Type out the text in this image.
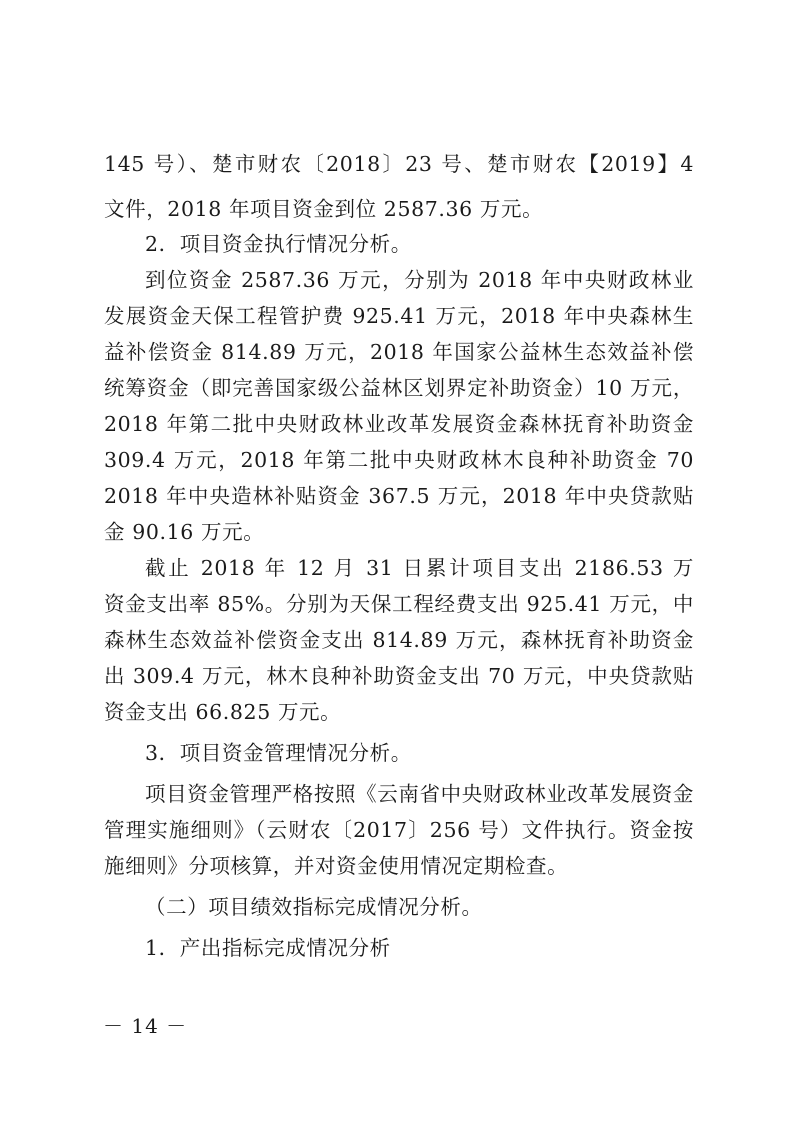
145 号）、楚市财农〔2018〕23 号、楚市财农【2019】4
文件，2018 年项目资金到位 2587.36 万元。
2．项目资金执行情况分析。
到位资金 2587.36 万元，分别为 2018 年中央财政林业
发展资金天保工程管护费 925.41 万元，2018 年中央森林生
益补偿资金 814.89 万元，2018 年国家公益林生态效益补偿
统筹资金（即完善国家级公益林区划界定补助资金）10 万元，
2018 年第二批中央财政林业改革发展资金森林抚育补助资金
309.4 万元，2018 年第二批中央财政林木良种补助资金 70
2018 年中央造林补贴资金 367.5 万元，2018 年中央贷款贴
金 90.16 万元。
截止 2018 年 12 月 31 日累计项目支出 2186.53 万
资金支出率 85%。分别为天保工程经费支出 925.41 万元，中
森林生态效益补偿资金支出 814.89 万元，森林抚育补助资金
出 309.4 万元，林木良种补助资金支出 70 万元，中央贷款贴
资金支出 66.825 万元。
3．项目资金管理情况分析。
项目资金管理严格按照《云南省中央财政林业改革发展资金
管理实施细则》（云财农〔2017〕256 号）文件执行。资金按
施细则》分项核算，并对资金使用情况定期检查。
（二）项目绩效指标完成情况分析。
1．产出指标完成情况分析
－ 14 －
